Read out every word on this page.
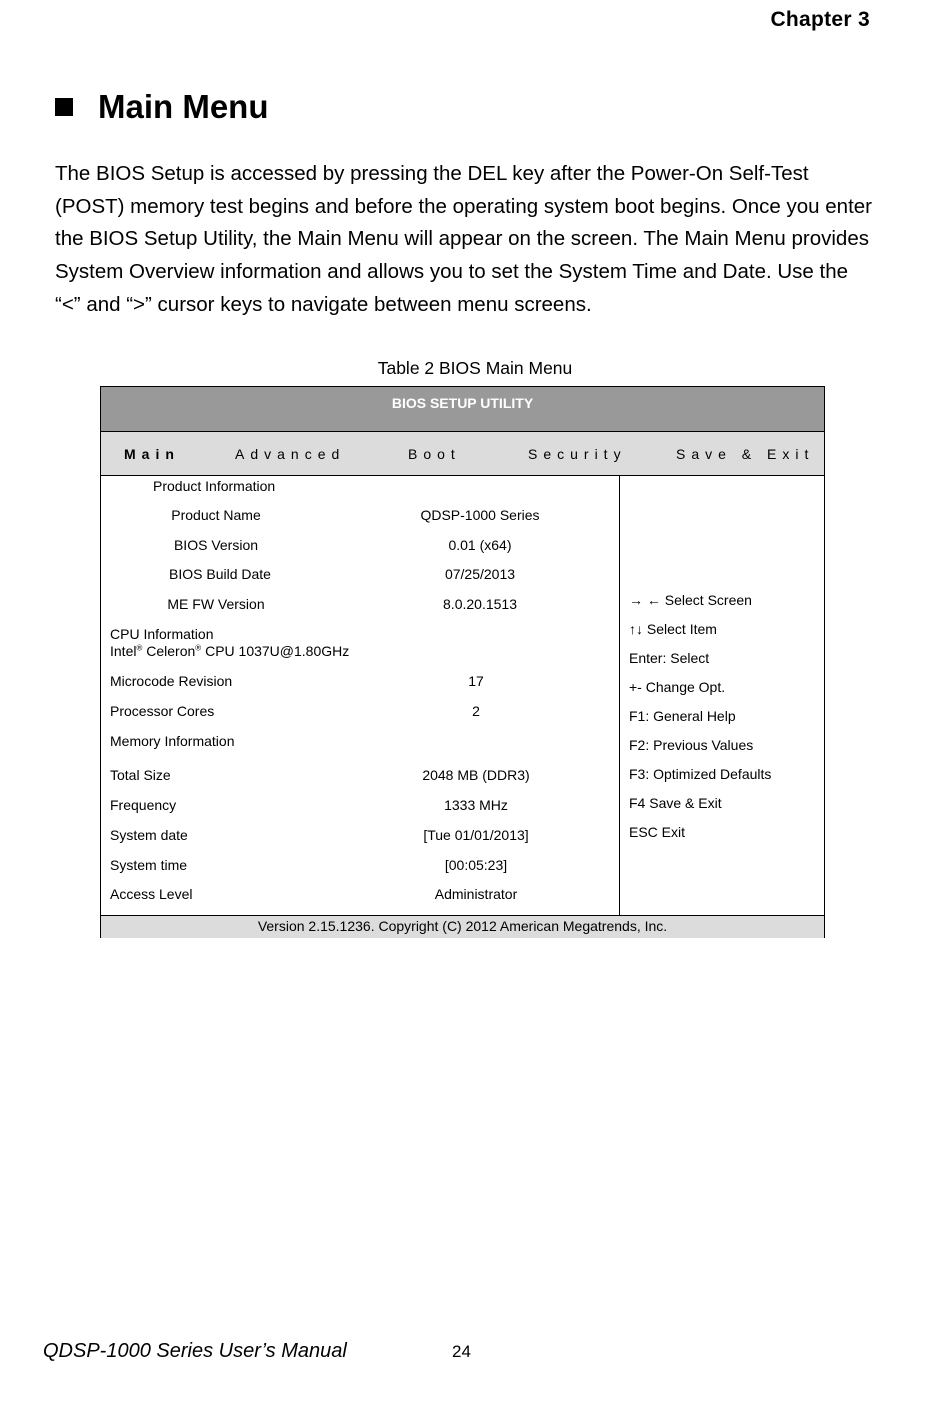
Chapter 3
Main Menu

The BIOS Setup is accessed by pressing the DEL key after the Power-On Self-Test (POST) memory test begins and before the operating system boot begins. Once you enter the BIOS Setup Utility, the Main Menu will appear on the screen. The Main Menu provides System Overview information and allows you to set the System Time and Date. Use the “<” and “>” cursor keys to navigate between menu screens.

Table 2 BIOS Main Menu
BIOS SETUP UTILITY
Main	Advanced	Boot	Security	Save & Exit
Product Information
Product Name	QDSP-1000 Series
BIOS Version	0.01 (x64)
BIOS Build Date	07/25/2013
ME FW Version	8.0.20.1513
CPU Information
Intel® Celeron® CPU 1037U@1.80GHz
Microcode Revision	17
Processor Cores	2
Memory Information
Total Size	2048 MB (DDR3)
Frequency	1333 MHz
System date	[Tue 01/01/2013]
System time	[00:05:23]
Access Level	Administrator
→ ← Select Screen
↑↓ Select Item
Enter: Select
+- Change Opt.
F1: General Help
F2: Previous Values
F3: Optimized Defaults
F4 Save & Exit
ESC Exit
Version 2.15.1236. Copyright (C) 2012 American Megatrends, Inc.
QDSP-1000 Series User’s Manual	24
